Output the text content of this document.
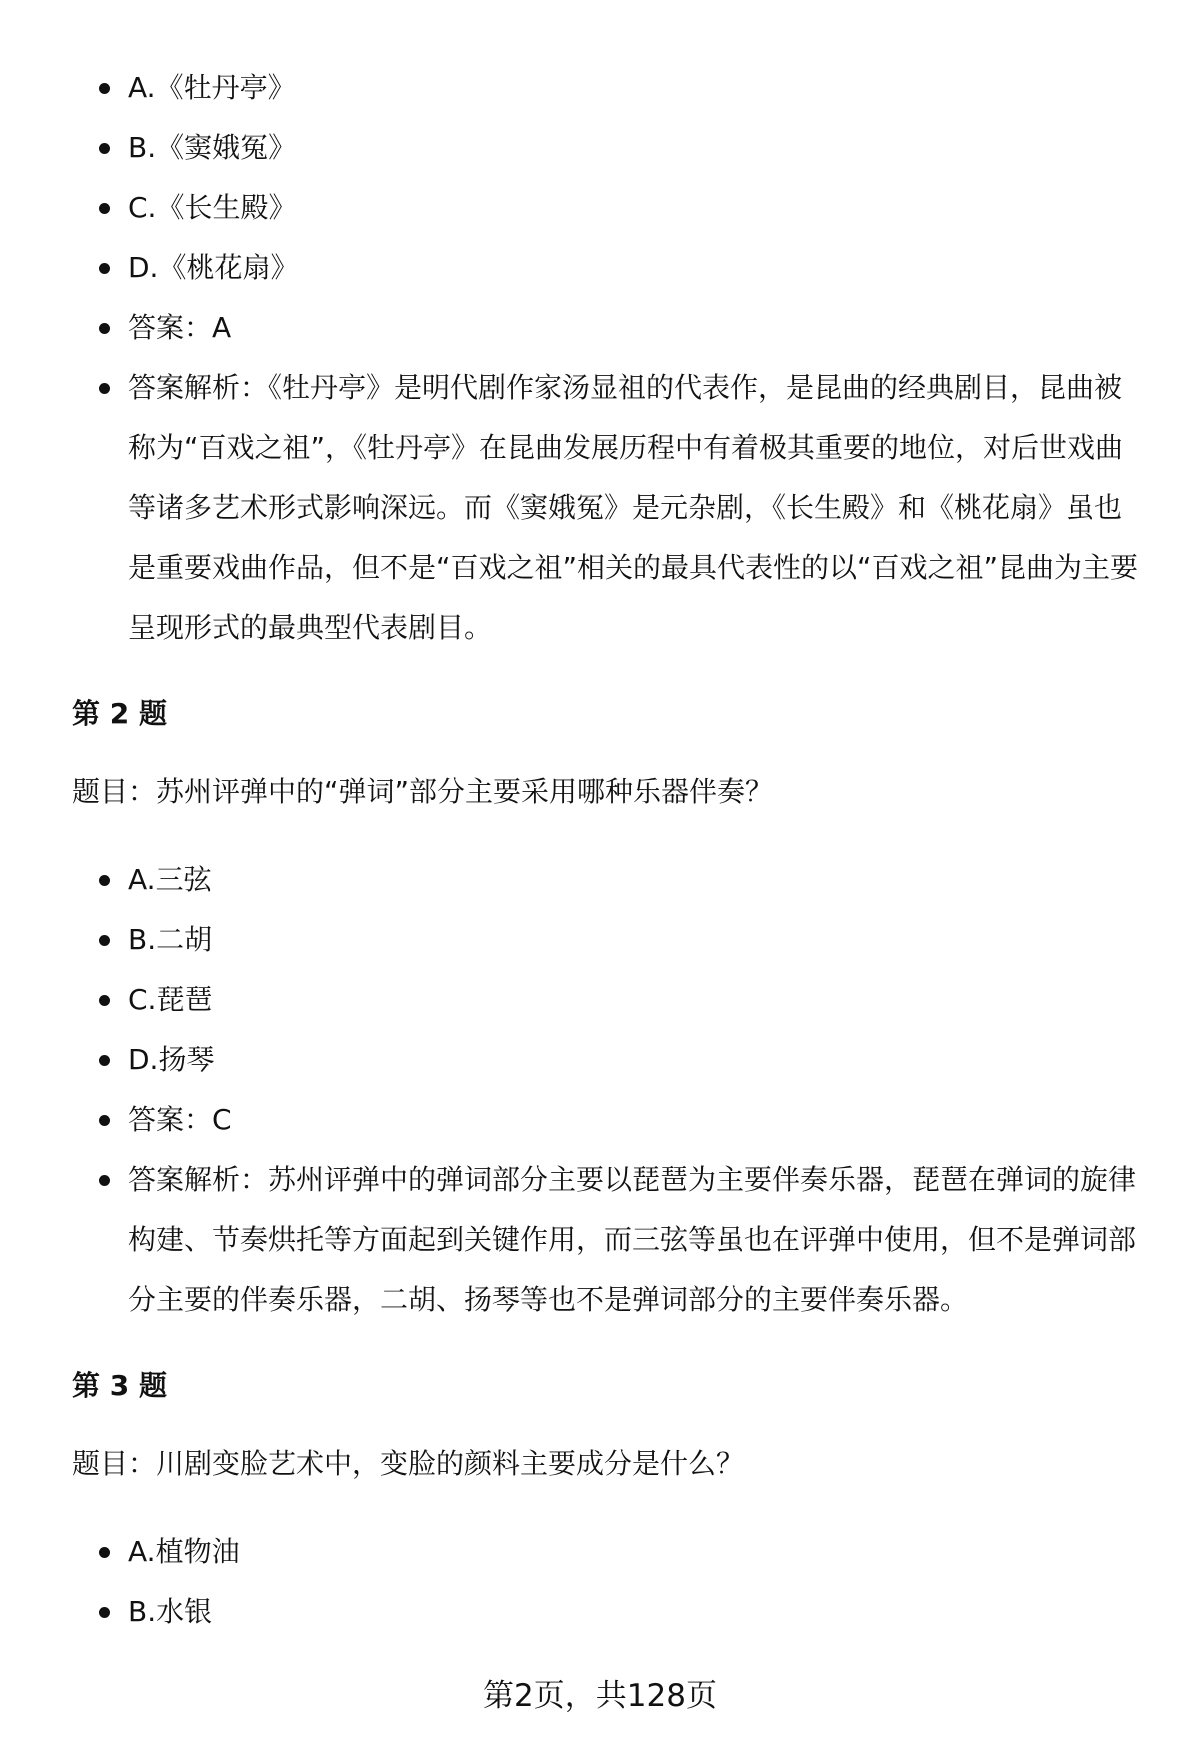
A.《牡丹亭》
B.《窦娥冤》
C.《长生殿》
D.《桃花扇》
答案：A
答案解析：《牡丹亭》是明代剧作家汤显祖的代表作，是昆曲的经典剧目，昆曲被称为“百戏之祖”，《牡丹亭》在昆曲发展历程中有着极其重要的地位，对后世戏曲等诸多艺术形式影响深远。而《窦娥冤》是元杂剧，《长生殿》和《桃花扇》虽也是重要戏曲作品，但不是“百戏之祖”相关的最具代表性的以“百戏之祖”昆曲为主要呈现形式的最典型代表剧目。

第 2 题

题目：苏州评弹中的“弹词”部分主要采用哪种乐器伴奏？

A.三弦
B.二胡
C.琵琶
D.扬琴
答案：C
答案解析：苏州评弹中的弹词部分主要以琵琶为主要伴奏乐器，琵琶在弹词的旋律构建、节奏烘托等方面起到关键作用，而三弦等虽也在评弹中使用，但不是弹词部分主要的伴奏乐器，二胡、扬琴等也不是弹词部分的主要伴奏乐器。

第 3 题

题目：川剧变脸艺术中，变脸的颜料主要成分是什么？

A.植物油
B.水银
第2页，共128页
